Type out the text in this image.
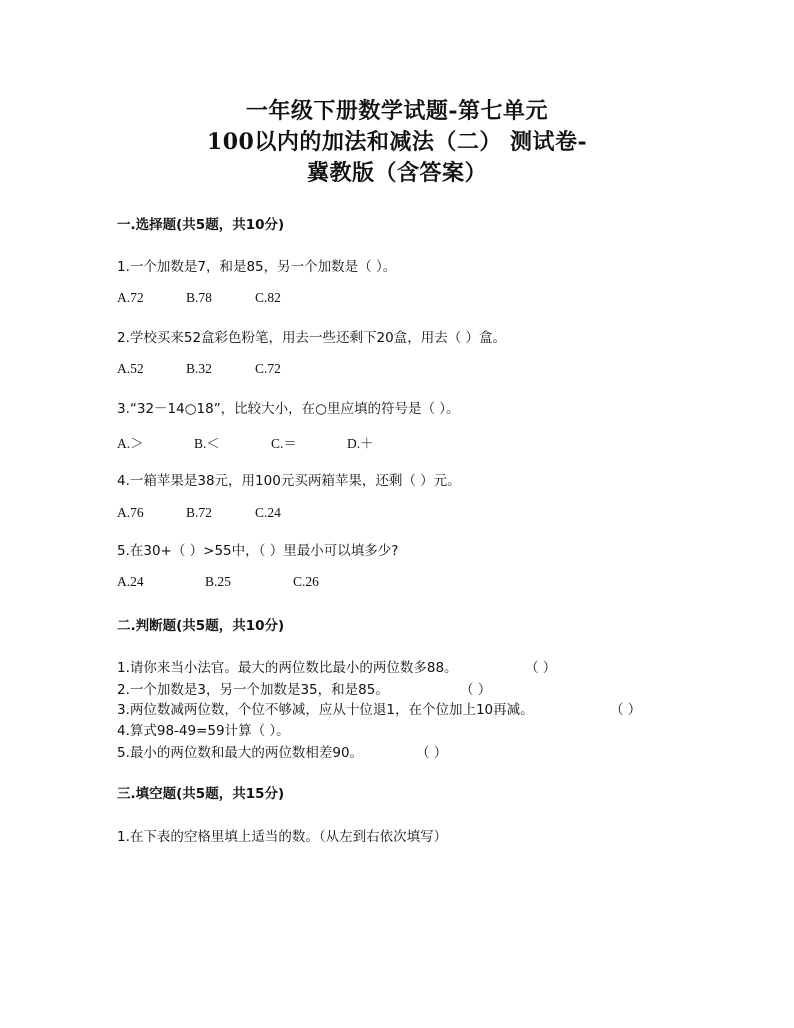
一年级下册数学试题-第七单元
100以内的加法和减法（二） 测试卷-
冀教版（含答案）
一.选择题(共5题，共10分)
1.一个加数是7，和是85，另一个加数是（ ）。
A.72	B.78	C.82
2.学校买来52盒彩色粉笔，用去一些还剩下20盒，用去（ ）盒。
A.52	B.32	C.72
3.“32－14○18”，比较大小，在○里应填的符号是（ ）。
A.＞	B.＜	C.＝	D.＋
4.一箱苹果是38元，用100元买两箱苹果，还剩（ ）元。
A.76	B.72	C.24
5.在30+（ ）>55中，（ ）里最小可以填多少?
A.24	B.25	C.26
二.判断题(共5题，共10分)
1.请你来当小法官。最大的两位数比最小的两位数多88。	（ ）
2.一个加数是3，另一个加数是35，和是85。	（ ）
3.两位数减两位数，个位不够减，应从十位退1，在个位加上10再减。	（ ）
4.算式98-49=59计算（ ）。
5.最小的两位数和最大的两位数相差90。	（ ）
三.填空题(共5题，共15分)
1.在下表的空格里填上适当的数。（从左到右依次填写）
